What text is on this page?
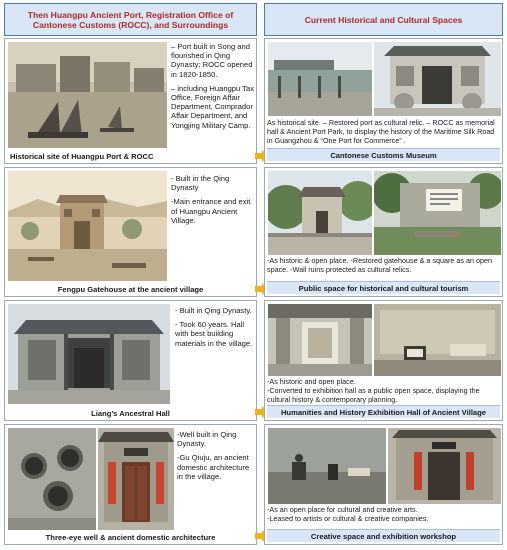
Then Huangpu Ancient Port, Registration Office of Cantonese Customs (ROCC), and Surroundings	Current Historical and Cultural Spaces

– Port built in Song and flourished in Qing Dynasty; ROCC opened in 1820-1850.

– including Huangpu Tax Office, Foreign Affair Department, Comprador Affair Department, and Yongjing Military Camp.

Historical site of Huangpu Port & ROCC
As historical site. – Restored port as cultural relic. – ROCC as memorial hall & Ancient Port Park, to display the history of the Maritime Silk Road in Guangzhou & “One Port for Commerce” .
Cantonese Customs Museum

- Built in the Qing Dynasty

-Main entrance and exit of Huangpu Ancient Village.

Fengpu Gatehouse at the ancient village
-As historic & open place. -Restored gatehouse & a square as an open space. -Wall ruins protected as cultural relics.
Public space for historical and cultural tourism

- Built in Qing Dynasty.

- Took 60 years. Hall with best building materials in the village.

Liang’s Ancestral Hall
-As historic and open place.
-Converted to exhibition hall as a public open space, displaying the cultural history & contemporary planning.
Humanities and History Exhibition Hall of Ancient Village

-Well built in Qing Dynasty.

-Gu Qiuju, an ancient domestic architecture in the village.

Three-eye well & ancient domestic architecture
-As an open place for cultural and creative arts.
-Leased to artists or cultural & creative companies.
Creative space and exhibition workshop
